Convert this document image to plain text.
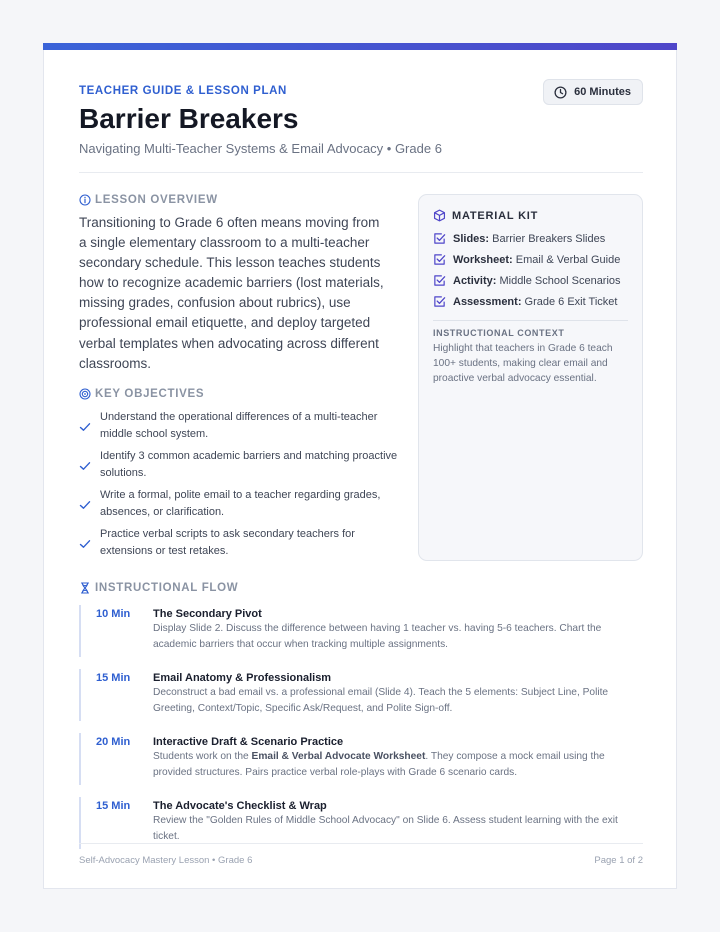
TEACHER GUIDE & LESSON PLAN	60 Minutes
Barrier Breakers
Navigating Multi-Teacher Systems & Email Advocacy • Grade 6
LESSON OVERVIEW

Transitioning to Grade 6 often means moving from a single elementary classroom to a multi-teacher secondary schedule. This lesson teaches students how to recognize academic barriers (lost materials, missing grades, confusion about rubrics), use professional email etiquette, and deploy targeted verbal templates when advocating across different classrooms.

KEY OBJECTIVES
Understand the operational differences of a multi-teacher middle school system.
Identify 3 common academic barriers and matching proactive solutions.
Write a formal, polite email to a teacher regarding grades, absences, or clarification.
Practice verbal scripts to ask secondary teachers for extensions or test retakes.
MATERIAL KIT
Slides: Barrier Breakers Slides
Worksheet: Email & Verbal Guide
Activity: Middle School Scenarios
Assessment: Grade 6 Exit Ticket
INSTRUCTIONAL CONTEXT

Highlight that teachers in Grade 6 teach 100+ students, making clear email and proactive verbal advocacy essential.

INSTRUCTIONAL FLOW
10 Min	The Secondary Pivot

Display Slide 2. Discuss the difference between having 1 teacher vs. having 5-6 teachers. Chart the academic barriers that occur when tracking multiple assignments.

15 Min	Email Anatomy & Professionalism

Deconstruct a bad email vs. a professional email (Slide 4). Teach the 5 elements: Subject Line, Polite Greeting, Context/Topic, Specific Ask/Request, and Polite Sign-off.

20 Min	Interactive Draft & Scenario Practice

Students work on the Email & Verbal Advocate Worksheet. They compose a mock email using the provided structures. Pairs practice verbal role-plays with Grade 6 scenario cards.

15 Min	The Advocate's Checklist & Wrap

Review the "Golden Rules of Middle School Advocacy" on Slide 6. Assess student learning with the exit ticket.

Self-Advocacy Mastery Lesson • Grade 6	Page 1 of 2
